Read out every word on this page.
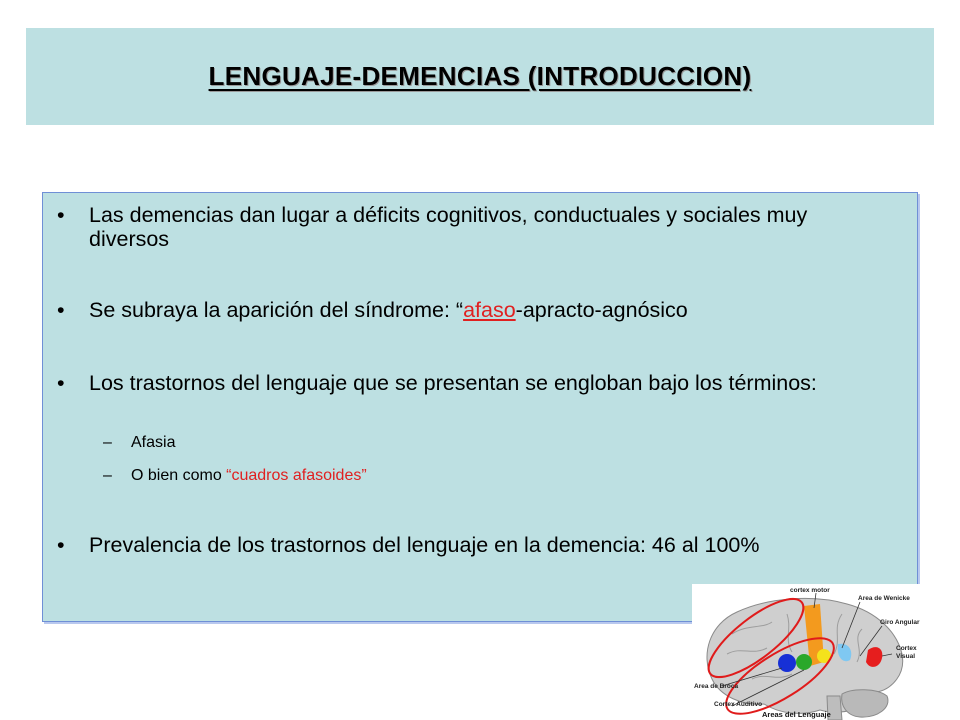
LENGUAJE-DEMENCIAS (INTRODUCCION)
• Las demencias dan lugar a déficits cognitivos, conductuales y sociales muy diversos
• Se subraya la aparición del síndrome: “afaso-apracto-agnósico
• Los trastornos del lenguaje que se presentan se engloban bajo los términos:
• Prevalencia de los trastornos del lenguaje en la demencia: 46 al 100%
– Afasia
– O bien como “cuadros afasoides”
cortex motor
Area de Wenicke
Giro Angular
Cortex
Visual
Area de Broca
Cortex Auditivo
Areas del Lenguaje
